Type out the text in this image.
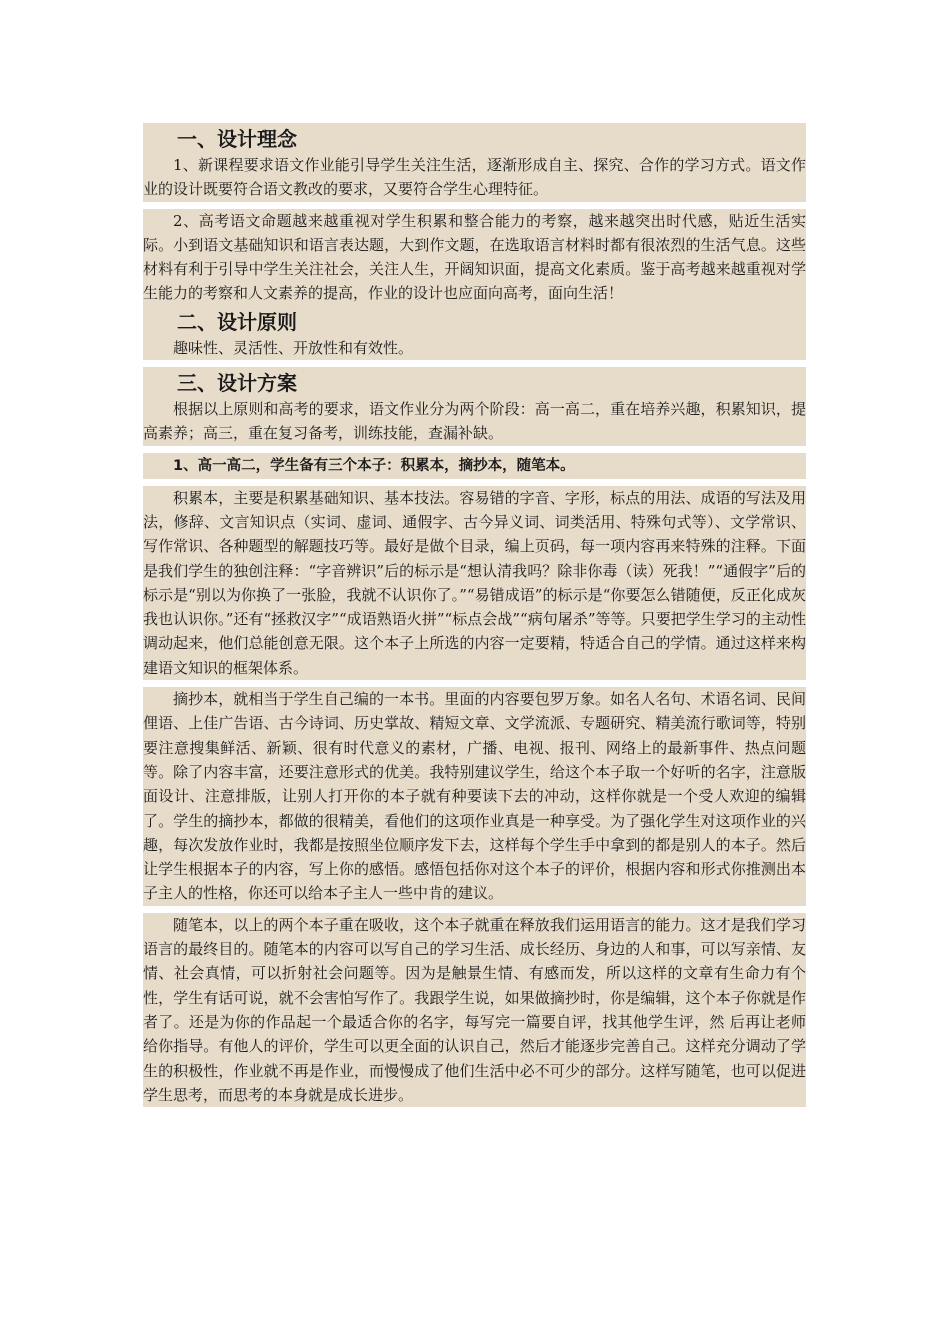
一、设计理念

1、新课程要求语文作业能引导学生关注生活，逐渐形成自主、探究、合作的学习方式。语文作业的设计既要符合语文教改的要求，又要符合学生心理特征。

2、高考语文命题越来越重视对学生积累和整合能力的考察，越来越突出时代感，贴近生活实际。小到语文基础知识和语言表达题，大到作文题，在选取语言材料时都有很浓烈的生活气息。这些材料有利于引导中学生关注社会，关注人生，开阔知识面，提高文化素质。鉴于高考越来越重视对学生能力的考察和人文素养的提高，作业的设计也应面向高考，面向生活！

二、设计原则

趣味性、灵活性、开放性和有效性。

三、设计方案

根据以上原则和高考的要求，语文作业分为两个阶段：高一高二，重在培养兴趣，积累知识，提高素养；高三，重在复习备考，训练技能，查漏补缺。

1、高一高二，学生备有三个本子：积累本，摘抄本，随笔本。

积累本，主要是积累基础知识、基本技法。容易错的字音、字形，标点的用法、成语的写法及用法，修辞、文言知识点（实词、虚词、通假字、古今异义词、词类活用、特殊句式等）、文学常识、写作常识、各种题型的解题技巧等。最好是做个目录，编上页码，每一项内容再来特殊的注释。下面是我们学生的独创注释：“字音辨识”后的标示是“想认清我吗？除非你毒（读）死我！”“通假字”后的标示是“别以为你换了一张脸，我就不认识你了。”“易错成语”的标示是“你要怎么错随便，反正化成灰我也认识你。”还有“拯救汉字”“成语熟语火拼”“标点会战”“病句屠杀”等等。只要把学生学习的主动性调动起来，他们总能创意无限。这个本子上所选的内容一定要精，特适合自己的学情。通过这样来构建语文知识的框架体系。

摘抄本，就相当于学生自己编的一本书。里面的内容要包罗万象。如名人名句、术语名词、民间俚语、上佳广告语、古今诗词、历史掌故、精短文章、文学流派、专题研究、精美流行歌词等，特别要注意搜集鲜活、新颖、很有时代意义的素材，广播、电视、报刊、网络上的最新事件、热点问题等。除了内容丰富，还要注意形式的优美。我特别建议学生，给这个本子取一个好听的名字，注意版面设计、注意排版，让别人打开你的本子就有种要读下去的冲动，这样你就是一个受人欢迎的编辑了。学生的摘抄本，都做的很精美，看他们的这项作业真是一种享受。为了强化学生对这项作业的兴趣，每次发放作业时，我都是按照坐位顺序发下去，这样每个学生手中拿到的都是别人的本子。然后让学生根据本子的内容，写上你的感悟。感悟包括你对这个本子的评价，根据内容和形式你推测出本子主人的性格，你还可以给本子主人一些中肯的建议。

随笔本，以上的两个本子重在吸收，这个本子就重在释放我们运用语言的能力。这才是我们学习语言的最终目的。随笔本的内容可以写自己的学习生活、成长经历、身边的人和事，可以写亲情、友情、社会真情，可以折射社会问题等。因为是触景生情、有感而发，所以这样的文章有生命力有个性，学生有话可说，就不会害怕写作了。我跟学生说，如果做摘抄时，你是编辑，这个本子你就是作者了。还是为你的作品起一个最适合你的名字，每写完一篇要自评，找其他学生评，然 后再让老师给你指导。有他人的评价，学生可以更全面的认识自己，然后才能逐步完善自己。这样充分调动了学生的积极性，作业就不再是作业，而慢慢成了他们生活中必不可少的部分。这样写随笔，也可以促进学生思考，而思考的本身就是成长进步。
